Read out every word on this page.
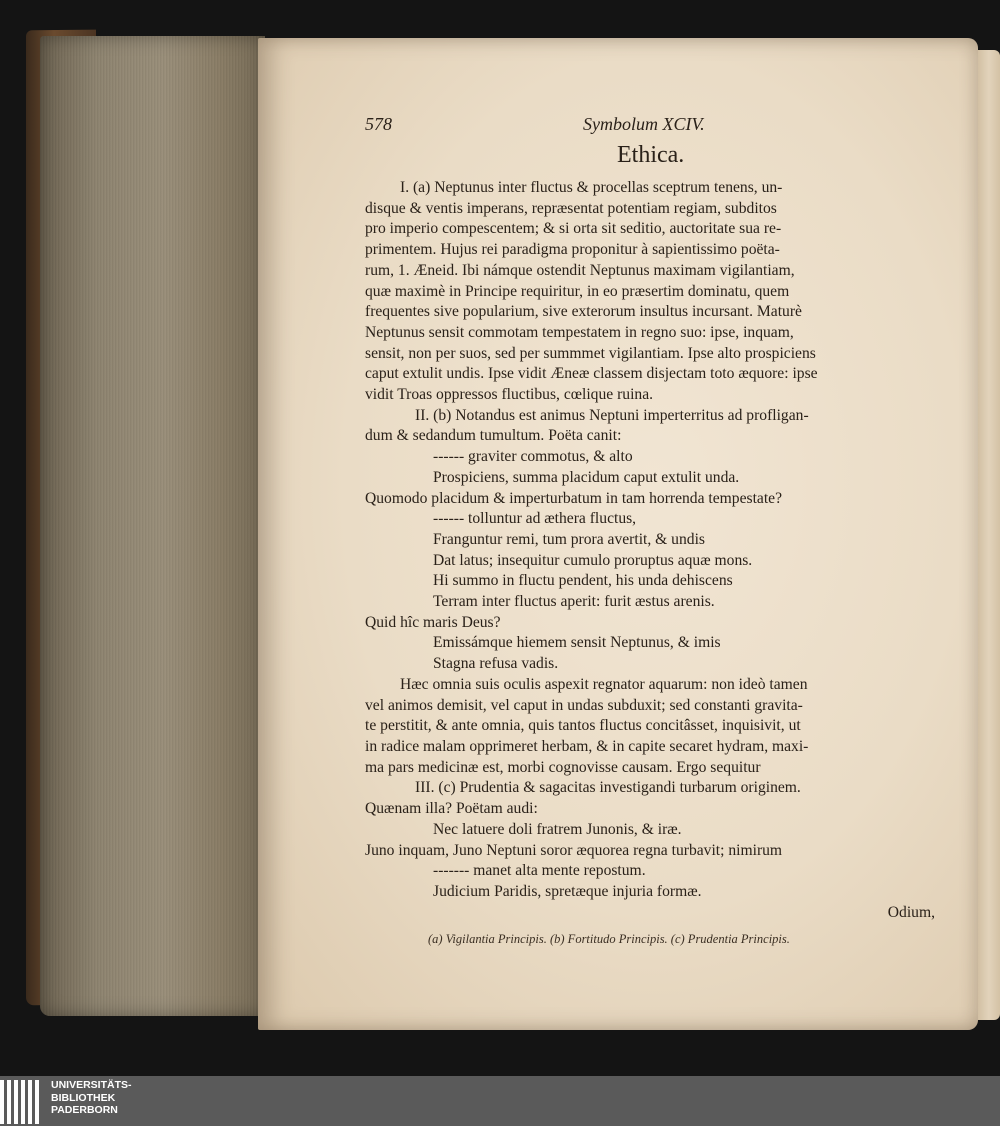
578	Symbolum XCIV.
Ethica.
I. (a) Neptunus inter fluctus & procellas sceptrum tenens, un-
disque & ventis imperans, repræsentat potentiam regiam, subditos
pro imperio compescentem; & si orta sit seditio, auctoritate sua re-
primentem. Hujus rei paradigma proponitur à sapientissimo poëta-
rum, 1. Æneid. Ibi námque ostendit Neptunus maximam vigilantiam,
quæ maximè in Principe requiritur, in eo præsertim dominatu, quem
frequentes sive popularium, sive exterorum insultus incursant. Maturè
Neptunus sensit commotam tempestatem in regno suo: ipse, inquam,
sensit, non per suos, sed per summmet vigilantiam. Ipse alto prospiciens
caput extulit undis. Ipse vidit Æneæ classem disjectam toto æquore: ipse
vidit Troas oppressos fluctibus, cœlique ruina.
II. (b) Notandus est animus Neptuni imperterritus ad profligan-
dum & sedandum tumultum. Poëta canit:
------ graviter commotus, & alto
Prospiciens, summa placidum caput extulit unda.
Quomodo placidum & imperturbatum in tam horrenda tempestate?
------ tolluntur ad æthera fluctus,
Franguntur remi, tum prora avertit, & undis
Dat latus; insequitur cumulo proruptus aquæ mons.
Hi summo in fluctu pendent, his unda dehiscens
Terram inter fluctus aperit: furit æstus arenis.
Quid hîc maris Deus?
Emissámque hiemem sensit Neptunus, & imis
Stagna refusa vadis.
Hæc omnia suis oculis aspexit regnator aquarum: non ideò tamen
vel animos demisit, vel caput in undas subduxit; sed constanti gravita-
te perstitit, & ante omnia, quis tantos fluctus concitâsset, inquisivit, ut
in radice malam opprimeret herbam, & in capite secaret hydram, maxi-
ma pars medicinæ est, morbi cognovisse causam. Ergo sequitur
III. (c) Prudentia & sagacitas investigandi turbarum originem.
Quænam illa? Poëtam audi:
Nec latuere doli fratrem Junonis, & iræ.
Juno inquam, Juno Neptuni soror æquorea regna turbavit; nimirum
------- manet alta mente repostum.
Judicium Paridis, spretæque injuria formæ.
Odium,
(a) Vigilantia Principis. (b) Fortitudo Principis. (c) Prudentia Principis.
UNIVERSITÄTS-
BIBLIOTHEK
PADERBORN
